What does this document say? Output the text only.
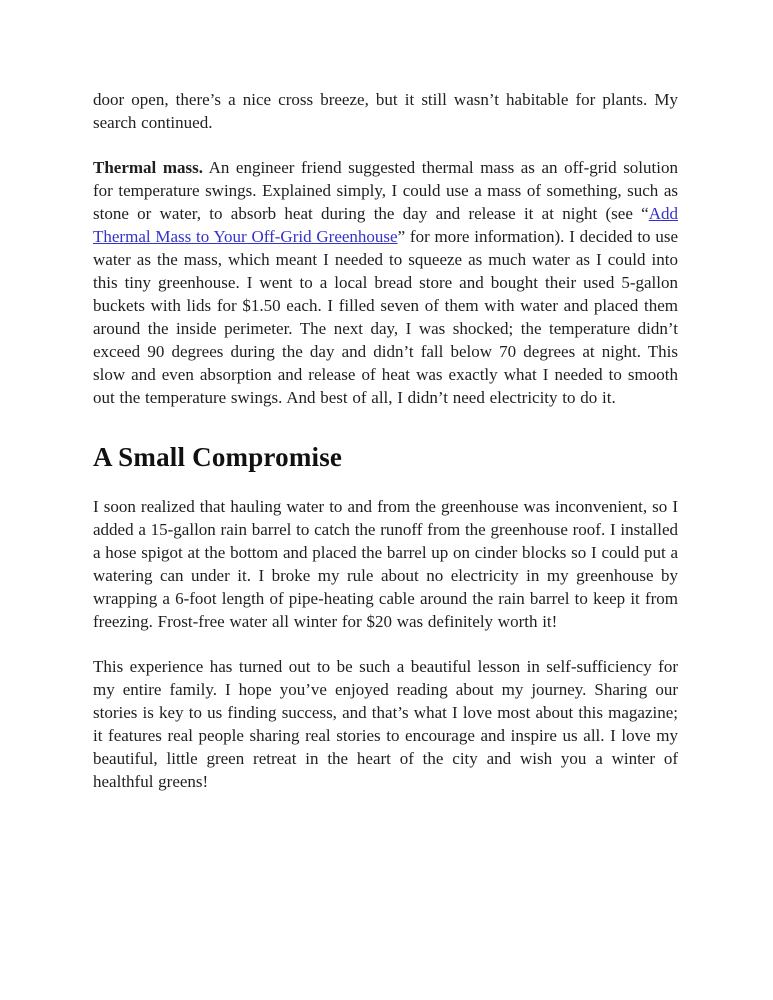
door open, there’s a nice cross breeze, but it still wasn’t habitable for plants. My search continued.

Thermal mass. An engineer friend suggested thermal mass as an off-grid solution for temperature swings. Explained simply, I could use a mass of something, such as stone or water, to absorb heat during the day and release it at night (see “Add Thermal Mass to Your Off-Grid Greenhouse” for more information). I decided to use water as the mass, which meant I needed to squeeze as much water as I could into this tiny greenhouse. I went to a local bread store and bought their used 5-gallon buckets with lids for $1.50 each. I filled seven of them with water and placed them around the inside perimeter. The next day, I was shocked; the temperature didn’t exceed 90 degrees during the day and didn’t fall below 70 degrees at night. This slow and even absorption and release of heat was exactly what I needed to smooth out the temperature swings. And best of all, I didn’t need electricity to do it.

A Small Compromise

I soon realized that hauling water to and from the greenhouse was inconvenient, so I added a 15-gallon rain barrel to catch the runoff from the greenhouse roof. I installed a hose spigot at the bottom and placed the barrel up on cinder blocks so I could put a watering can under it. I broke my rule about no electricity in my greenhouse by wrapping a 6-foot length of pipe-heating cable around the rain barrel to keep it from freezing. Frost-free water all winter for $20 was definitely worth it!

This experience has turned out to be such a beautiful lesson in self-sufficiency for my entire family. I hope you’ve enjoyed reading about my journey. Sharing our stories is key to us finding success, and that’s what I love most about this magazine; it features real people sharing real stories to encourage and inspire us all. I love my beautiful, little green retreat in the heart of the city and wish you a winter of healthful greens!
